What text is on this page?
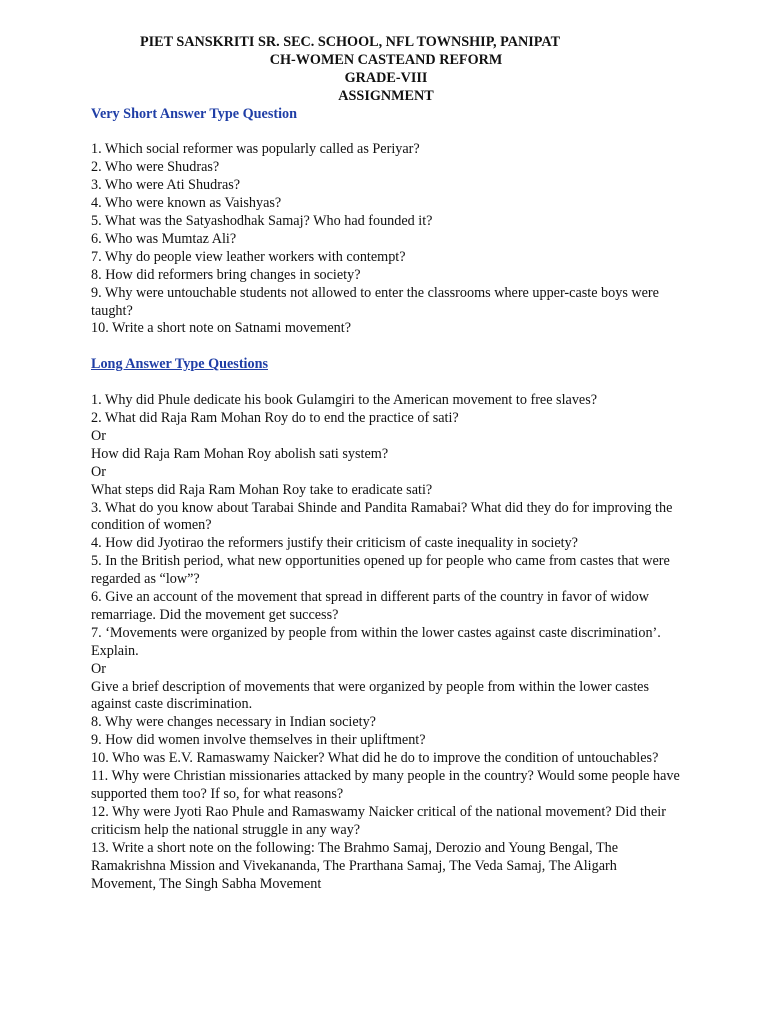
PIET SANSKRITI SR. SEC. SCHOOL, NFL TOWNSHIP, PANIPAT
CH-WOMEN CASTEAND REFORM
GRADE-VIII
ASSIGNMENT
Very Short Answer Type Question
1. Which social reformer was popularly called as Periyar?
2. Who were Shudras?
3. Who were Ati Shudras?
4. Who were known as Vaishyas?
5. What was the Satyashodhak Samaj? Who had founded it?
6. Who was Mumtaz Ali?
7. Why do people view leather workers with contempt?
8. How did reformers bring changes in society?
9. Why were untouchable students not allowed to enter the classrooms where upper-caste boys were taught?
10. Write a short note on Satnami movement?
Long Answer Type Questions
1. Why did Phule dedicate his book Gulamgiri to the American movement to free slaves?
2. What did Raja Ram Mohan Roy do to end the practice of sati?
Or
How did Raja Ram Mohan Roy abolish sati system?
Or
What steps did Raja Ram Mohan Roy take to eradicate sati?
3. What do you know about Tarabai Shinde and Pandita Ramabai? What did they do for improving the condition of women?
4. How did Jyotirao the reformers justify their criticism of caste inequality in society?
5. In the British period, what new opportunities opened up for people who came from castes that were regarded as “low”?
6. Give an account of the movement that spread in different parts of the country in favor of widow remarriage. Did the movement get success?
7. ‘Movements were organized by people from within the lower castes against caste discrimination’. Explain.
Or
Give a brief description of movements that were organized by people from within the lower castes against caste discrimination.
8. Why were changes necessary in Indian society?
9. How did women involve themselves in their upliftment?
10. Who was E.V. Ramaswamy Naicker? What did he do to improve the condition of untouchables?
11. Why were Christian missionaries attacked by many people in the country? Would some people have supported them too? If so, for what reasons?
12. Why were Jyoti Rao Phule and Ramaswamy Naicker critical of the national movement? Did their criticism help the national struggle in any way?
13. Write a short note on the following: The Brahmo Samaj, Derozio and Young Bengal, The Ramakrishna Mission and Vivekananda, The Prarthana Samaj, The Veda Samaj, The Aligarh Movement, The Singh Sabha Movement
